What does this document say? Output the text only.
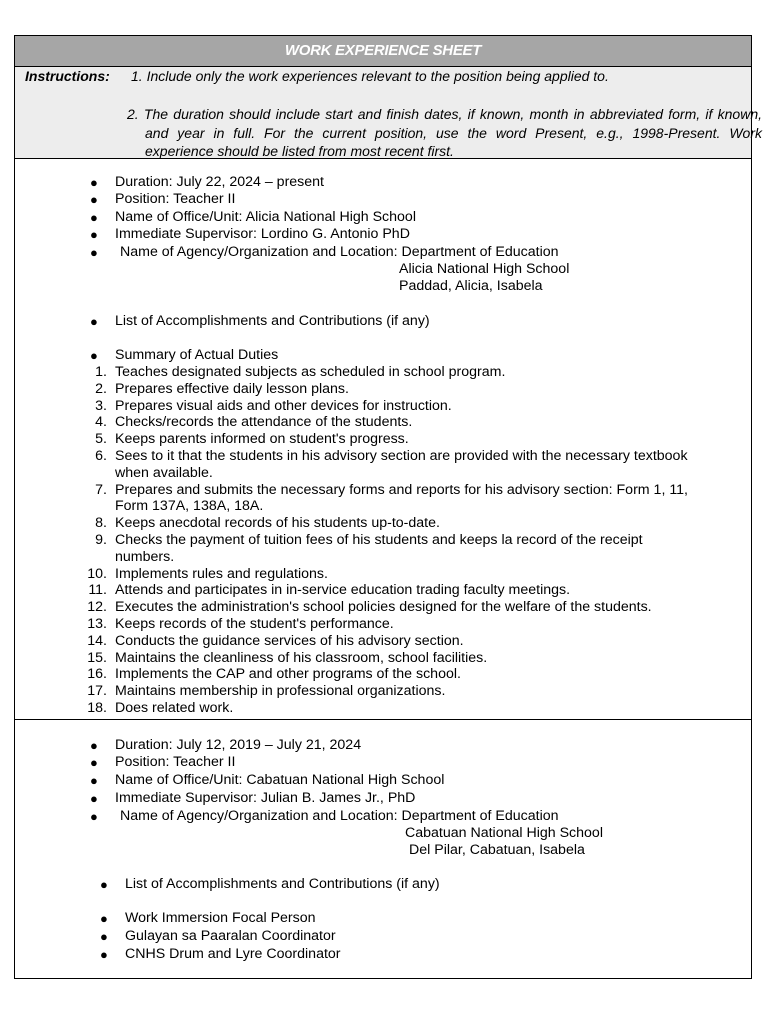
WORK EXPERIENCE SHEET
Instructions: 1. Include only the work experiences relevant to the position being applied to.
2. The duration should include start and finish dates, if known, month in abbreviated form, if known, and year in full. For the current position, use the word Present, e.g., 1998-Present. Work experience should be listed from most recent first.
● Duration: July 22, 2024 – present
● Position: Teacher II
● Name of Office/Unit: Alicia National High School
● Immediate Supervisor: Lordino G. Antonio PhD
● Name of Agency/Organization and Location: Department of Education
Alicia National High School
Paddad, Alicia, Isabela
● List of Accomplishments and Contributions (if any)
● Summary of Actual Duties
1. Teaches designated subjects as scheduled in school program.
2. Prepares effective daily lesson plans.
3. Prepares visual aids and other devices for instruction.
4. Checks/records the attendance of the students.
5. Keeps parents informed on student's progress.
6. Sees to it that the students in his advisory section are provided with the necessary textbook
when available.
7. Prepares and submits the necessary forms and reports for his advisory section: Form 1, 11,
Form 137A, 138A, 18A.
8. Keeps anecdotal records of his students up-to-date.
9. Checks the payment of tuition fees of his students and keeps la record of the receipt
numbers.
10. Implements rules and regulations.
11. Attends and participates in in-service education trading faculty meetings.
12. Executes the administration's school policies designed for the welfare of the students.
13. Keeps records of the student's performance.
14. Conducts the guidance services of his advisory section.
15. Maintains the cleanliness of his classroom, school facilities.
16. Implements the CAP and other programs of the school.
17. Maintains membership in professional organizations.
18. Does related work.
● Duration: July 12, 2019 – July 21, 2024
● Position: Teacher II
● Name of Office/Unit: Cabatuan National High School
● Immediate Supervisor: Julian B. James Jr., PhD
● Name of Agency/Organization and Location: Department of Education
Cabatuan National High School
Del Pilar, Cabatuan, Isabela
● List of Accomplishments and Contributions (if any)
● Work Immersion Focal Person
● Gulayan sa Paaralan Coordinator
● CNHS Drum and Lyre Coordinator
